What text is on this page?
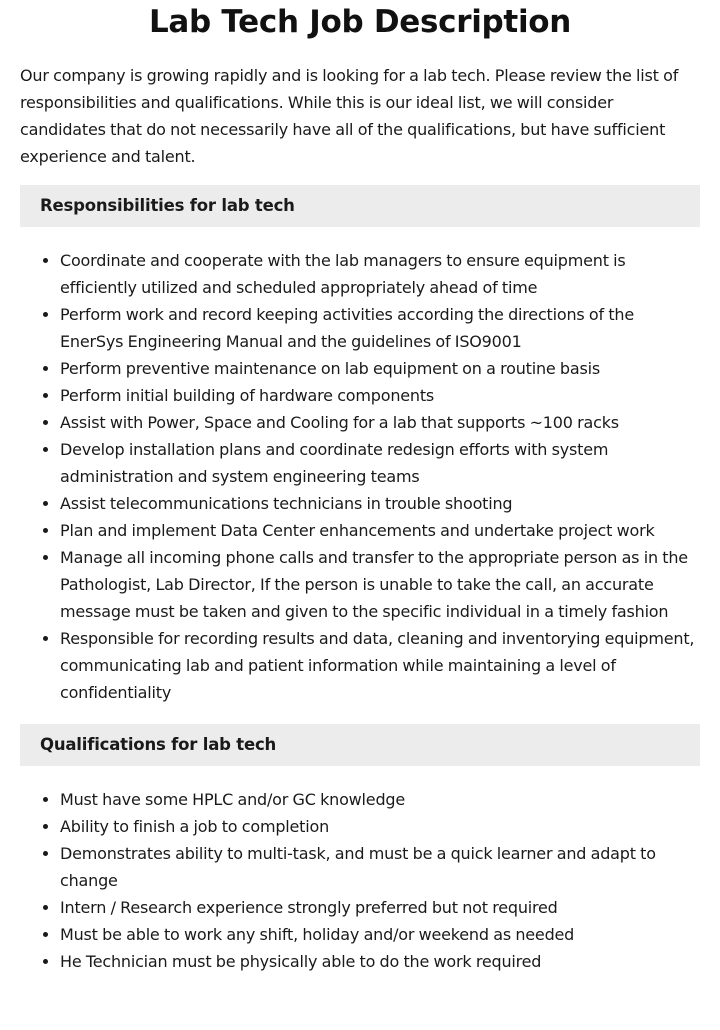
Lab Tech Job Description

Our company is growing rapidly and is looking for a lab tech. Please review the list of responsibilities and qualifications. While this is our ideal list, we will consider candidates that do not necessarily have all of the qualifications, but have sufficient experience and talent.

Responsibilities for lab tech
• Coordinate and cooperate with the lab managers to ensure equipment is efficiently utilized and scheduled appropriately ahead of time
• Perform work and record keeping activities according the directions of the EnerSys Engineering Manual and the guidelines of ISO9001
• Perform preventive maintenance on lab equipment on a routine basis
• Perform initial building of hardware components
• Assist with Power, Space and Cooling for a lab that supports ~100 racks
• Develop installation plans and coordinate redesign efforts with system administration and system engineering teams
• Assist telecommunications technicians in trouble shooting
• Plan and implement Data Center enhancements and undertake project work
• Manage all incoming phone calls and transfer to the appropriate person as in the Pathologist, Lab Director, If the person is unable to take the call, an accurate message must be taken and given to the specific individual in a timely fashion
• Responsible for recording results and data, cleaning and inventorying equipment, communicating lab and patient information while maintaining a level of confidentiality
Qualifications for lab tech
• Must have some HPLC and/or GC knowledge
• Ability to finish a job to completion
• Demonstrates ability to multi-task, and must be a quick learner and adapt to change
• Intern / Research experience strongly preferred but not required
• Must be able to work any shift, holiday and/or weekend as needed
• He Technician must be physically able to do the work required
